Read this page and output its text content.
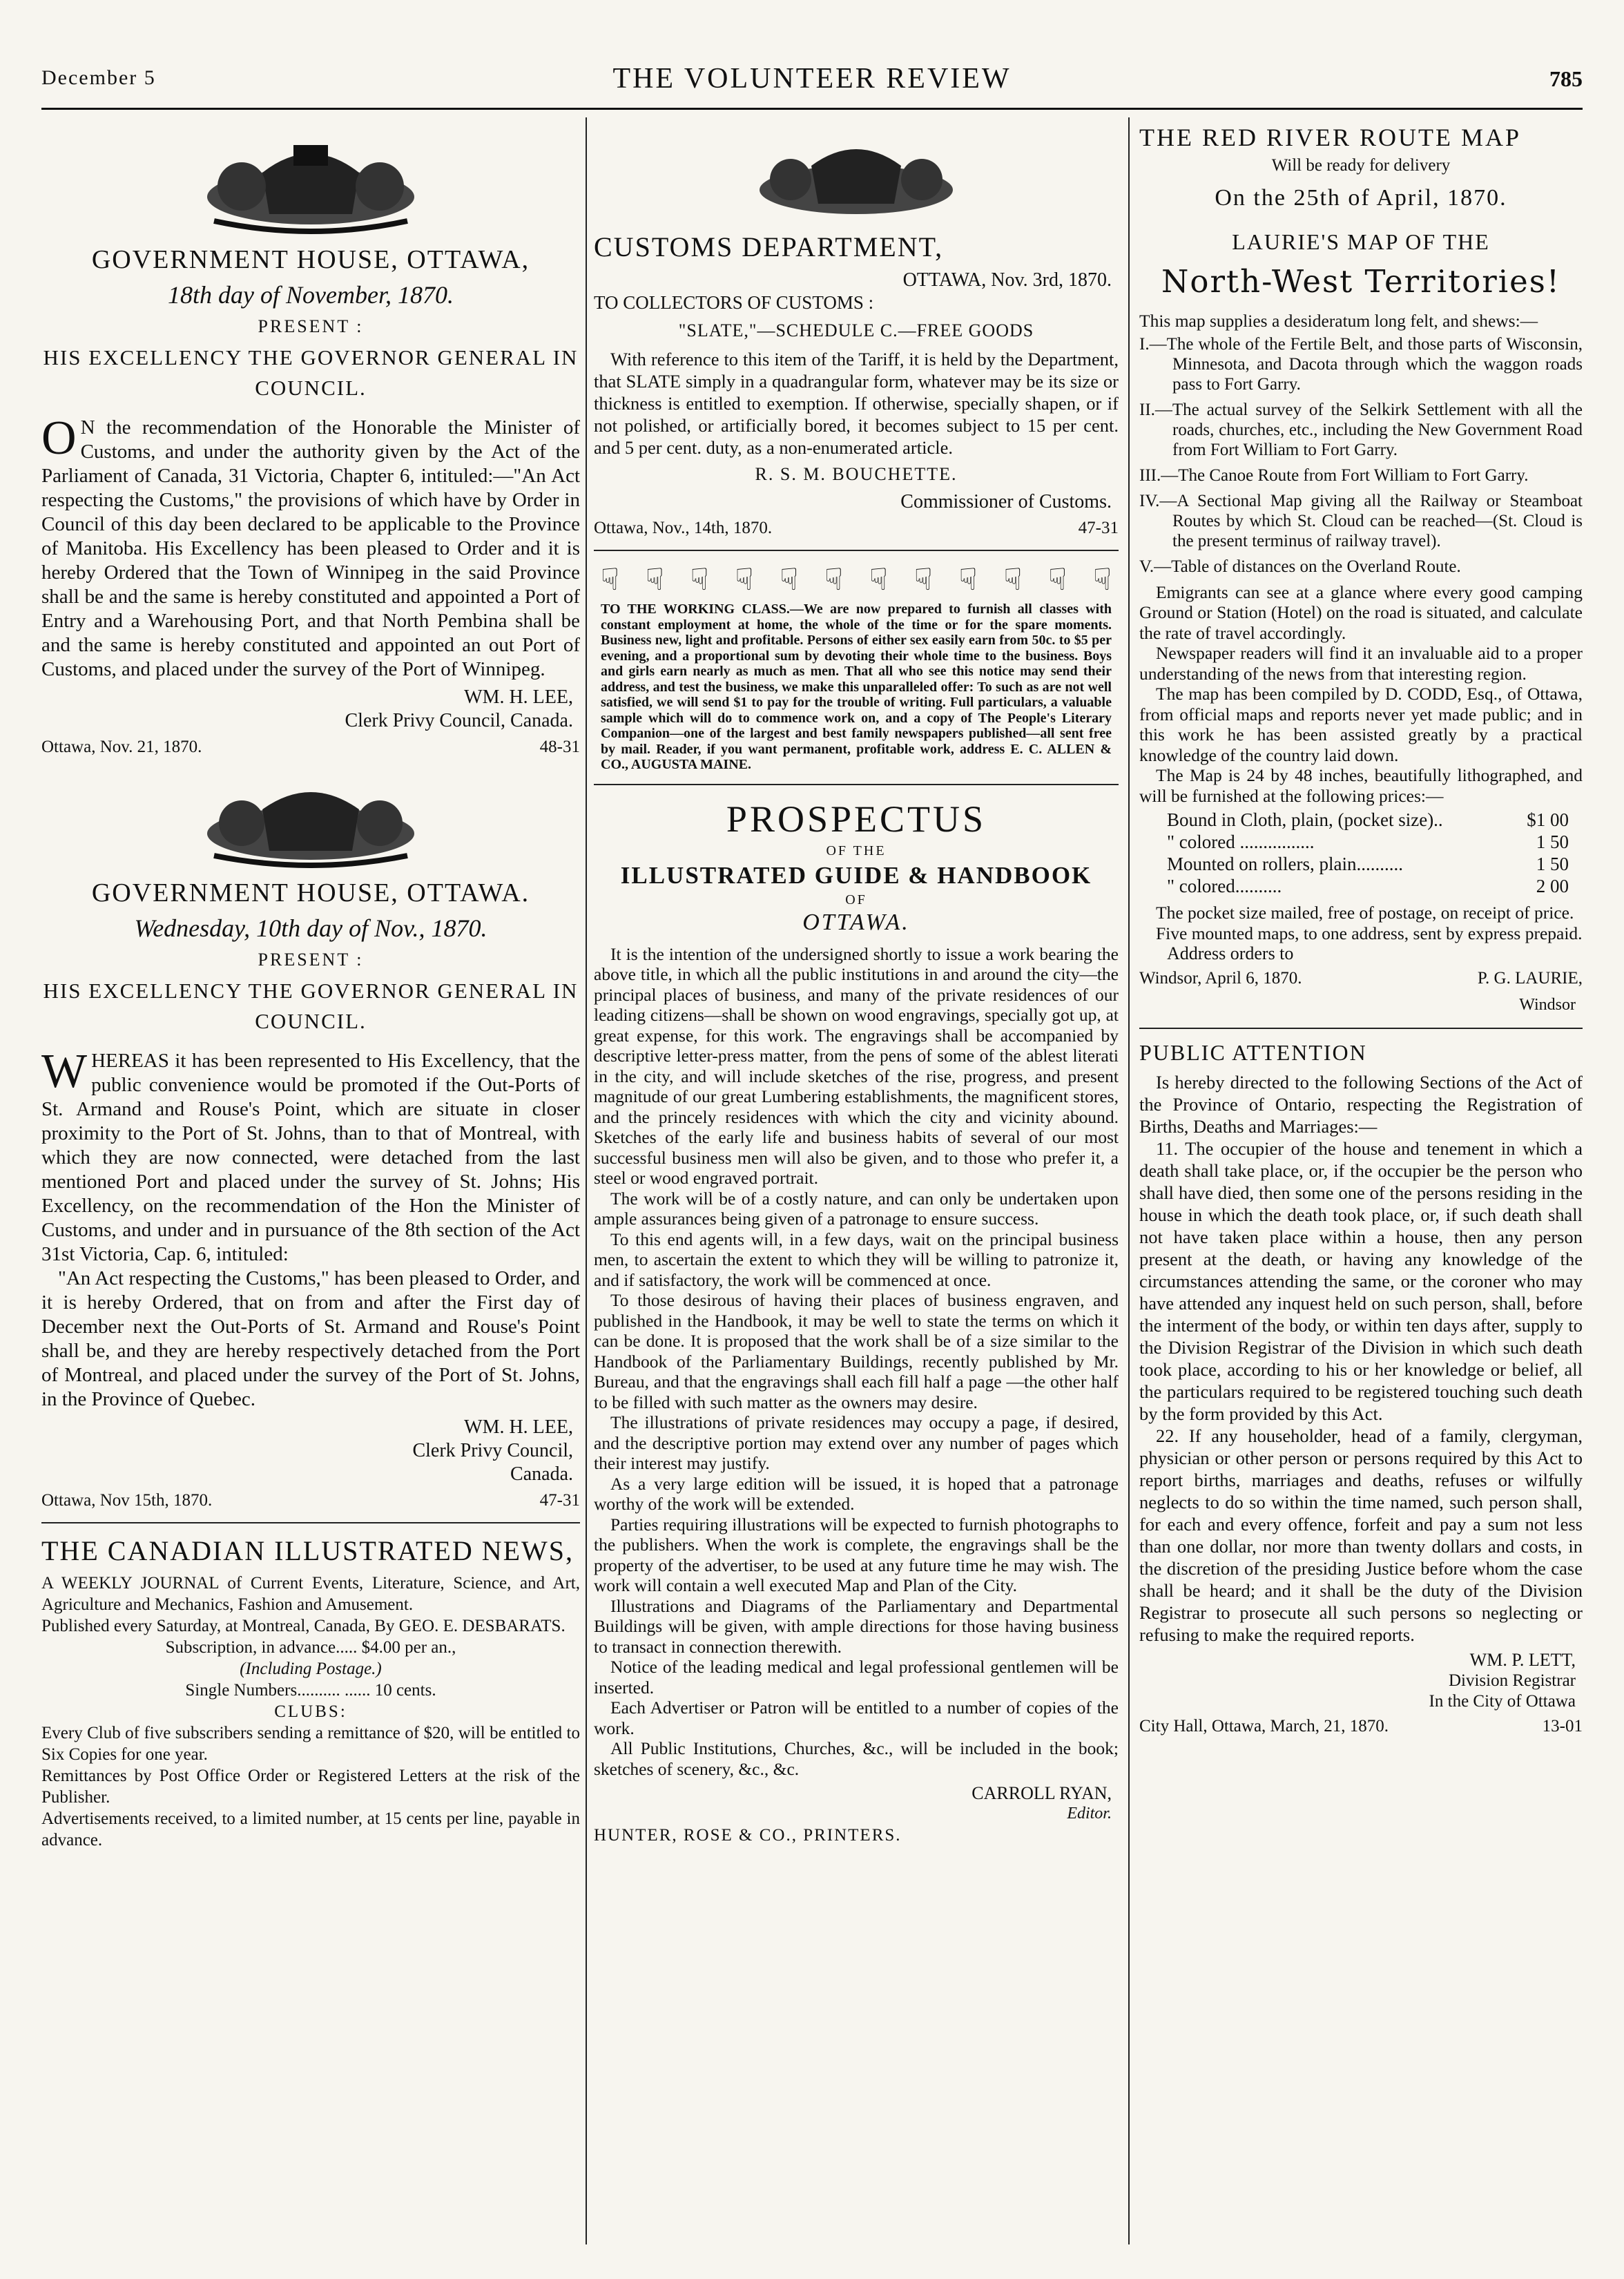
December 5	THE VOLUNTEER REVIEW	785
GOVERNMENT HOUSE, OTTAWA,
18th day of November, 1870.
PRESENT :
HIS EXCELLENCY THE GOVERNOR GENERAL IN COUNCIL.

ON the recommendation of the Honorable the Minister of Customs, and under the authority given by the Act of the Parliament of Canada, 31 Victoria, Chapter 6, intituled:—"An Act respecting the Customs," the provisions of which have by Order in Council of this day been declared to be applicable to the Province of Manitoba. His Excellency has been pleased to Order and it is hereby Ordered that the Town of Winnipeg in the said Province shall be and the same is hereby constituted and appointed a Port of Entry and a Warehousing Port, and that North Pembina shall be and the same is hereby constituted and appointed an out Port of Customs, and placed under the survey of the Port of Winnipeg.

WM. H. LEE,
Clerk Privy Council, Canada.
Ottawa, Nov. 21, 1870.	48-31
GOVERNMENT HOUSE, OTTAWA.
Wednesday, 10th day of Nov., 1870.
PRESENT :
HIS EXCELLENCY THE GOVERNOR GENERAL IN COUNCIL.

WHEREAS it has been represented to His Excellency, that the public convenience would be promoted if the Out-Ports of St. Armand and Rouse's Point, which are situate in closer proximity to the Port of St. Johns, than to that of Montreal, with which they are now connected, were detached from the last mentioned Port and placed under the survey of St. Johns; His Excellency, on the recommendation of the Hon the Minister of Customs, and under and in pursuance of the 8th section of the Act 31st Victoria, Cap. 6, intituled:

"An Act respecting the Customs," has been pleased to Order, and it is hereby Ordered, that on from and after the First day of December next the Out-Ports of St. Armand and Rouse's Point shall be, and they are hereby respectively detached from the Port of Montreal, and placed under the survey of the Port of St. Johns, in the Province of Quebec.

WM. H. LEE,
Clerk Privy Council,
Canada.
Ottawa, Nov 15th, 1870.	47-31
THE CANADIAN ILLUSTRATED NEWS,

A WEEKLY JOURNAL of Current Events, Literature, Science, and Art, Agriculture and Mechanics, Fashion and Amusement.

Published every Saturday, at Montreal, Canada, By GEO. E. DESBARATS.

Subscription, in advance..... $4.00 per an.,
(Including Postage.)
Single Numbers.......... ...... 10 cents.
CLUBS:

Every Club of five subscribers sending a remittance of $20, will be entitled to Six Copies for one year.

Remittances by Post Office Order or Registered Letters at the risk of the Publisher.

Advertisements received, to a limited number, at 15 cents per line, payable in advance.

CUSTOMS DEPARTMENT,
OTTAWA, Nov. 3rd, 1870.
TO COLLECTORS OF CUSTOMS :
"SLATE,"—SCHEDULE C.—FREE GOODS

With reference to this item of the Tariff, it is held by the Department, that SLATE simply in a quadrangular form, whatever may be its size or thickness is entitled to exemption. If otherwise, specially shapen, or if not polished, or artificially bored, it becomes subject to 15 per cent. and 5 per cent. duty, as a non-enumerated article.

R. S. M. BOUCHETTE.
Commissioner of Customs.
Ottawa, Nov., 14th, 1870.	47-31
☟ ☟ ☟ ☟ ☟ ☟ ☟ ☟ ☟ ☟ ☟ ☟

TO THE WORKING CLASS.—We are now prepared to furnish all classes with constant employment at home, the whole of the time or for the spare moments. Business new, light and profitable. Persons of either sex easily earn from 50c. to $5 per evening, and a proportional sum by devoting their whole time to the business. Boys and girls earn nearly as much as men. That all who see this notice may send their address, and test the business, we make this unparalleled offer: To such as are not well satisfied, we will send $1 to pay for the trouble of writing. Full particulars, a valuable sample which will do to commence work on, and a copy of The People's Literary Companion—one of the largest and best family newspapers published—all sent free by mail. Reader, if you want permanent, profitable work, address E. C. ALLEN & CO., AUGUSTA MAINE.

PROSPECTUS
OF THE
ILLUSTRATED GUIDE & HANDBOOK
OF
OTTAWA.

It is the intention of the undersigned shortly to issue a work bearing the above title, in which all the public institutions in and around the city—the principal places of business, and many of the private residences of our leading citizens—shall be shown on wood engravings, specially got up, at great expense, for this work. The engravings shall be accompanied by descriptive letter-press matter, from the pens of some of the ablest literati in the city, and will include sketches of the rise, progress, and present magnitude of our great Lumbering establishments, the magnificent stores, and the princely residences with which the city and vicinity abound. Sketches of the early life and business habits of several of our most successful business men will also be given, and to those who prefer it, a steel or wood engraved portrait.

The work will be of a costly nature, and can only be undertaken upon ample assurances being given of a patronage to ensure success.

To this end agents will, in a few days, wait on the principal business men, to ascertain the extent to which they will be willing to patronize it, and if satisfactory, the work will be commenced at once.

To those desirous of having their places of business engraven, and published in the Handbook, it may be well to state the terms on which it can be done. It is proposed that the work shall be of a size similar to the Handbook of the Parliamentary Buildings, recently published by Mr. Bureau, and that the engravings shall each fill half a page —the other half to be filled with such matter as the owners may desire.

The illustrations of private residences may occupy a page, if desired, and the descriptive portion may extend over any number of pages which their interest may justify.

As a very large edition will be issued, it is hoped that a patronage worthy of the work will be extended.

Parties requiring illustrations will be expected to furnish photographs to the publishers. When the work is complete, the engravings shall be the property of the advertiser, to be used at any future time he may wish. The work will contain a well executed Map and Plan of the City.

Illustrations and Diagrams of the Parliamentary and Departmental Buildings will be given, with ample directions for those having business to transact in connection therewith.

Notice of the leading medical and legal professional gentlemen will be inserted.

Each Advertiser or Patron will be entitled to a number of copies of the work.

All Public Institutions, Churches, &c., will be included in the book; sketches of scenery, &c., &c.

CARROLL RYAN,
Editor.
HUNTER, ROSE & CO., PRINTERS.
THE RED RIVER ROUTE MAP
Will be ready for delivery
On the 25th of April, 1870.
LAURIE'S MAP OF THE
North-West Territories!

This map supplies a desideratum long felt, and shews:—

I.—The whole of the Fertile Belt, and those parts of Wisconsin, Minnesota, and Dacota through which the waggon roads pass to Fort Garry.
II.—The actual survey of the Selkirk Settlement with all the roads, churches, etc., including the New Government Road from Fort William to Fort Garry.
III.—The Canoe Route from Fort William to Fort Garry.
IV.—A Sectional Map giving all the Railway or Steamboat Routes by which St. Cloud can be reached—(St. Cloud is the present terminus of railway travel).
V.—Table of distances on the Overland Route.

Emigrants can see at a glance where every good camping Ground or Station (Hotel) on the road is situated, and calculate the rate of travel accordingly.

Newspaper readers will find it an invaluable aid to a proper understanding of the news from that interesting region.

The map has been compiled by D. CODD, Esq., of Ottawa, from official maps and reports never yet made public; and in this work he has been assisted greatly by a practical knowledge of the country laid down.

The Map is 24 by 48 inches, beautifully lithographed, and will be furnished at the following prices:—

Bound in Cloth, plain, (pocket size)..	$1 00
" colored ................	1 50
Mounted on rollers, plain..........	1 50
" colored..........	2 00

The pocket size mailed, free of postage, on receipt of price.

Five mounted maps, to one address, sent by express prepaid.

Address orders to
Windsor, April 6, 1870.	P. G. LAURIE,
Windsor
PUBLIC ATTENTION

Is hereby directed to the following Sections of the Act of the Province of Ontario, respecting the Registration of Births, Deaths and Marriages:—

11. The occupier of the house and tenement in which a death shall take place, or, if the occupier be the person who shall have died, then some one of the persons residing in the house in which the death took place, or, if such death shall not have taken place within a house, then any person present at the death, or having any knowledge of the circumstances attending the same, or the coroner who may have attended any inquest held on such person, shall, before the interment of the body, or within ten days after, supply to the Division Registrar of the Division in which such death took place, according to his or her knowledge or belief, all the particulars required to be registered touching such death by the form provided by this Act.

22. If any householder, head of a family, clergyman, physician or other person or persons required by this Act to report births, marriages and deaths, refuses or wilfully neglects to do so within the time named, such person shall, for each and every offence, forfeit and pay a sum not less than one dollar, nor more than twenty dollars and costs, in the discretion of the presiding Justice before whom the case shall be heard; and it shall be the duty of the Division Registrar to prosecute all such persons so neglecting or refusing to make the required reports.

WM. P. LETT,
Division Registrar
In the City of Ottawa
City Hall, Ottawa, March, 21, 1870.	13-01
